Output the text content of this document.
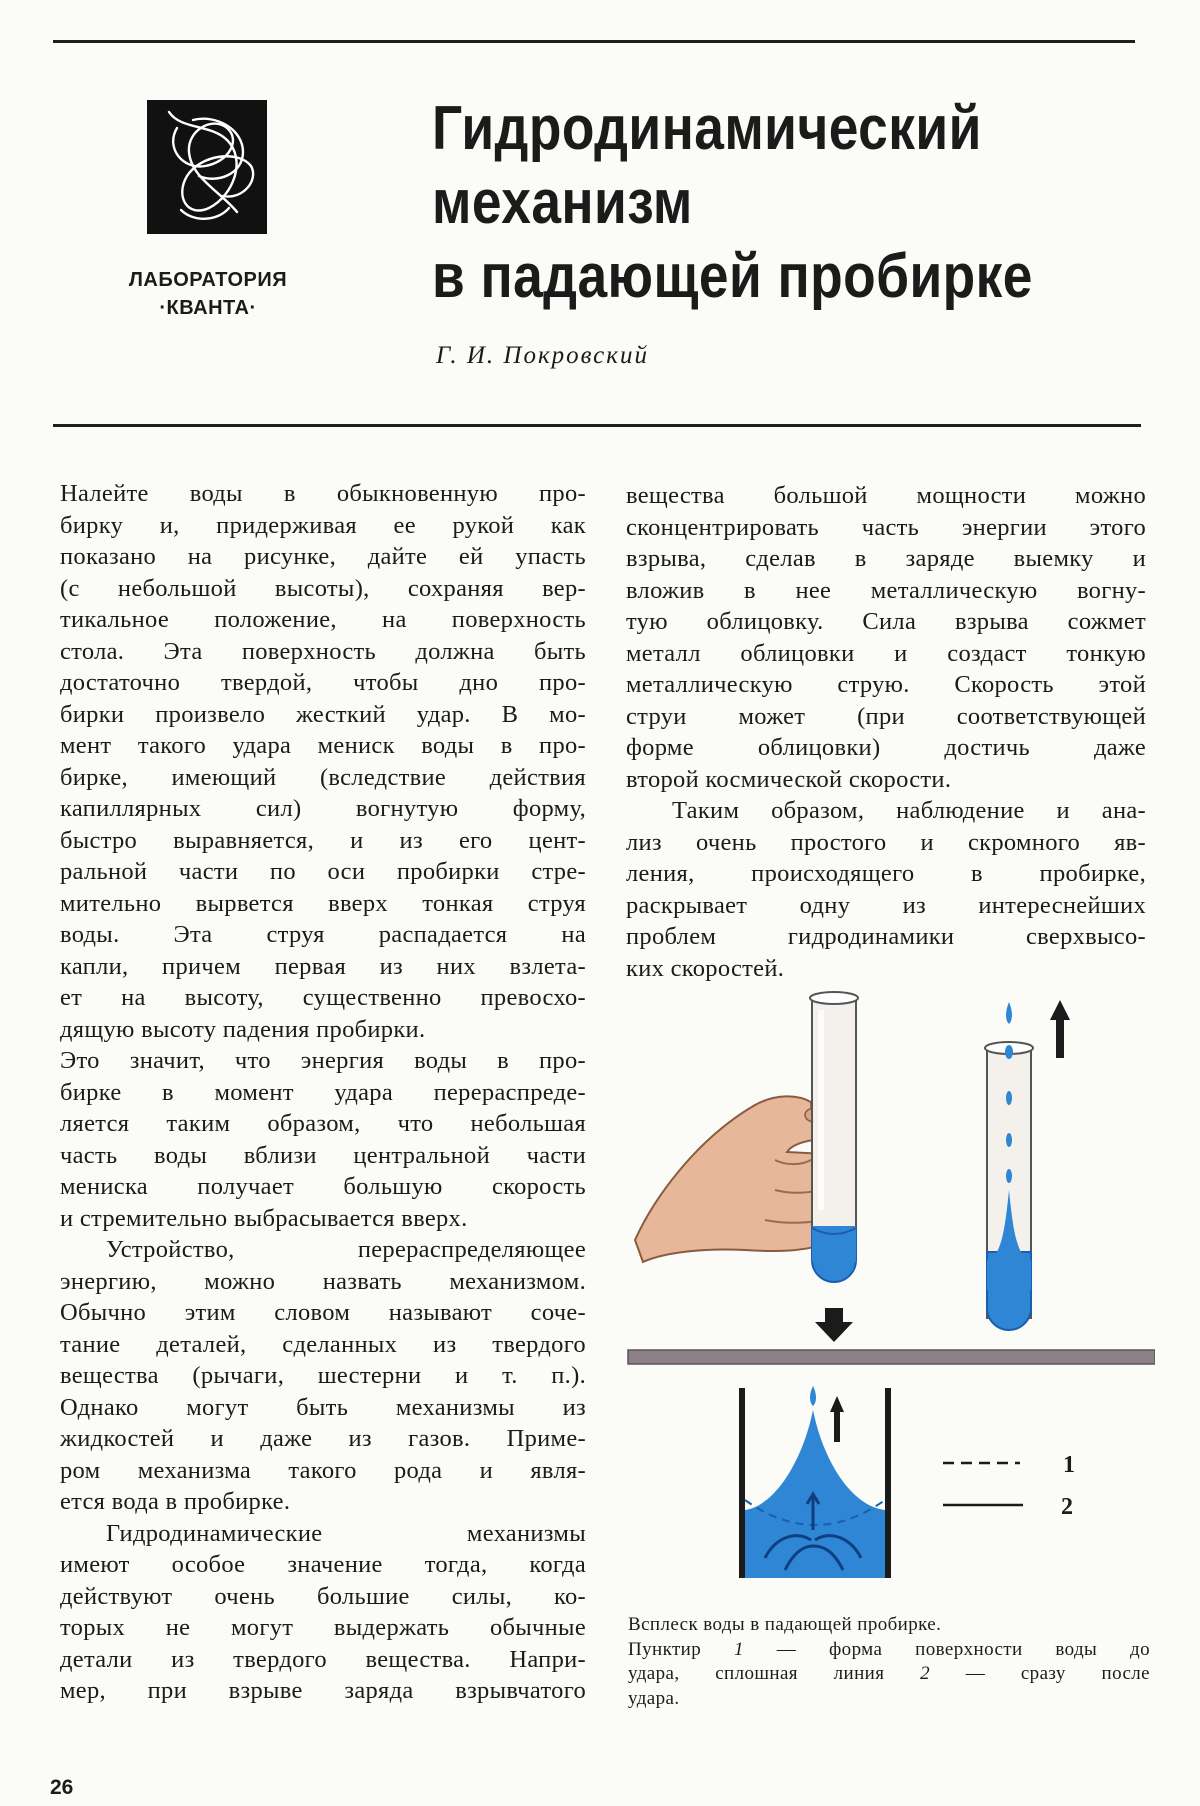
ЛАБОРАТОРИЯ
·КВАНТА·
Гидродинамический
механизм
в падающей пробирке
Г. И. Покровский

Налейте воды в обыкновенную про-

бирку и, придерживая ее рукой как

показано на рисунке, дайте ей упасть

(с небольшой высоты), сохраняя вер-

тикальное положение, на поверхность

стола. Эта поверхность должна быть

достаточно твердой, чтобы дно про-

бирки произвело жесткий удар. В мо-

мент такого удара мениск воды в про-

бирке, имеющий (вследствие действия

капиллярных сил) вогнутую форму,

быстро выравняется, и из его цент-

ральной части по оси пробирки стре-

мительно вырвется вверх тонкая струя

воды. Эта струя распадается на

капли, причем первая из них взлета-

ет на высоту, существенно превосхо-

дящую высоту падения пробирки.

Это значит, что энергия воды в про-

бирке в момент удара перераспреде-

ляется таким образом, что небольшая

часть воды вблизи центральной части

мениска получает большую скорость

и стремительно выбрасывается вверх.

Устройство, перераспределяющее

энергию, можно назвать механизмом.

Обычно этим словом называют соче-

тание деталей, сделанных из твердого

вещества (рычаги, шестерни и т. п.).

Однако могут быть механизмы из

жидкостей и даже из газов. Приме-

ром механизма такого рода и явля-

ется вода в пробирке.

Гидродинамические механизмы

имеют особое значение тогда, когда

действуют очень большие силы, ко-

торых не могут выдержать обычные

детали из твердого вещества. Напри-

мер, при взрыве заряда взрывчатого

вещества большой мощности можно

сконцентрировать часть энергии этого

взрыва, сделав в заряде выемку и

вложив в нее металлическую вогну-

тую облицовку. Сила взрыва сожмет

металл облицовки и создаст тонкую

металлическую струю. Скорость этой

струи может (при соответствующей

форме облицовки) достичь даже

второй космической скорости.

Таким образом, наблюдение и ана-

лиз очень простого и скромного яв-

ления, происходящего в пробирке,

раскрывает одну из интереснейших

проблем гидродинамики сверхвысо-

ких скоростей.

1
2
Всплеск воды в падающей пробирке.
Пунктир 1 — форма поверхности воды до
удара, сплошная линия 2 — сразу после
удара.
26
